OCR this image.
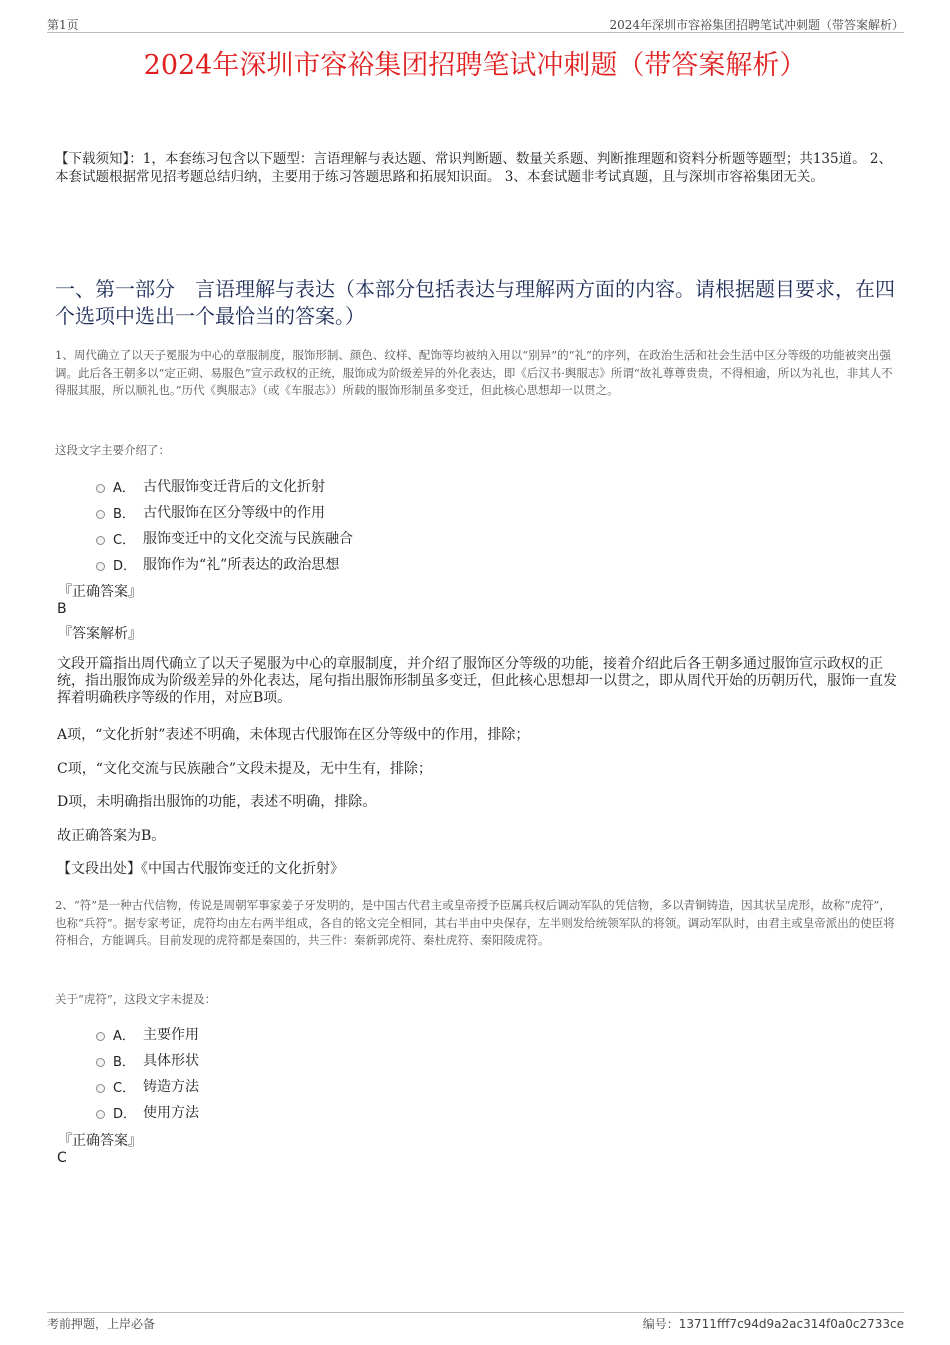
第1页	2024年深圳市容裕集团招聘笔试冲刺题（带答案解析）
2024年深圳市容裕集团招聘笔试冲刺题（带答案解析）
【下载须知】：1，本套练习包含以下题型：言语理解与表达题、常识判断题、数量关系题、判断推理题和资料分析题等题型；共135道。 2、本套试题根据常见招考题总结归纳，主要用于练习答题思路和拓展知识面。 3、本套试题非考试真题，且与深圳市容裕集团无关。
一、第一部分　言语理解与表达（本部分包括表达与理解两方面的内容。请根据题目要求，在四个选项中选出一个最恰当的答案。）
1、周代确立了以天子冕服为中心的章服制度，服饰形制、颜色、纹样、配饰等均被纳入用以“别异”的“礼”的序列，在政治生活和社会生活中区分等级的功能被突出强调。此后各王朝多以“定正朔、易服色”宣示政权的正统，服饰成为阶级差异的外化表达，即《后汉书·舆服志》所谓“故礼尊尊贵贵，不得相逾，所以为礼也，非其人不得服其服，所以顺礼也。”历代《舆服志》（或《车服志》）所载的服饰形制虽多变迁，但此核心思想却一以贯之。
这段文字主要介绍了：
A． 古代服饰变迁背后的文化折射
B． 古代服饰在区分等级中的作用
C． 服饰变迁中的文化交流与民族融合
D． 服饰作为“礼”所表达的政治思想
『正确答案』
B
『答案解析』
文段开篇指出周代确立了以天子冕服为中心的章服制度，并介绍了服饰区分等级的功能，接着介绍此后各王朝多通过服饰宣示政权的正统，指出服饰成为阶级差异的外化表达，尾句指出服饰形制虽多变迁，但此核心思想却一以贯之，即从周代开始的历朝历代，服饰一直发挥着明确秩序等级的作用，对应B项。
A项，“文化折射”表述不明确，未体现古代服饰在区分等级中的作用，排除；
C项，“文化交流与民族融合”文段未提及，无中生有，排除；
D项，未明确指出服饰的功能，表述不明确，排除。
故正确答案为B。
【文段出处】《中国古代服饰变迁的文化折射》
2、“符”是一种古代信物，传说是周朝军事家姜子牙发明的，是中国古代君主或皇帝授予臣属兵权后调动军队的凭信物，多以青铜铸造，因其状呈虎形，故称“虎符”，也称“兵符”。据专家考证，虎符均由左右两半组成，各自的铭文完全相同，其右半由中央保存，左半则发给统领军队的将领。调动军队时，由君主或皇帝派出的使臣将符相合，方能调兵。目前发现的虎符都是秦国的，共三件：秦新郭虎符、秦杜虎符、秦阳陵虎符。
关于“虎符”，这段文字未提及：
A． 主要作用
B． 具体形状
C． 铸造方法
D． 使用方法
『正确答案』
C
考前押题，上岸必备	编号：13711fff7c94d9a2ac314f0a0c2733ce
